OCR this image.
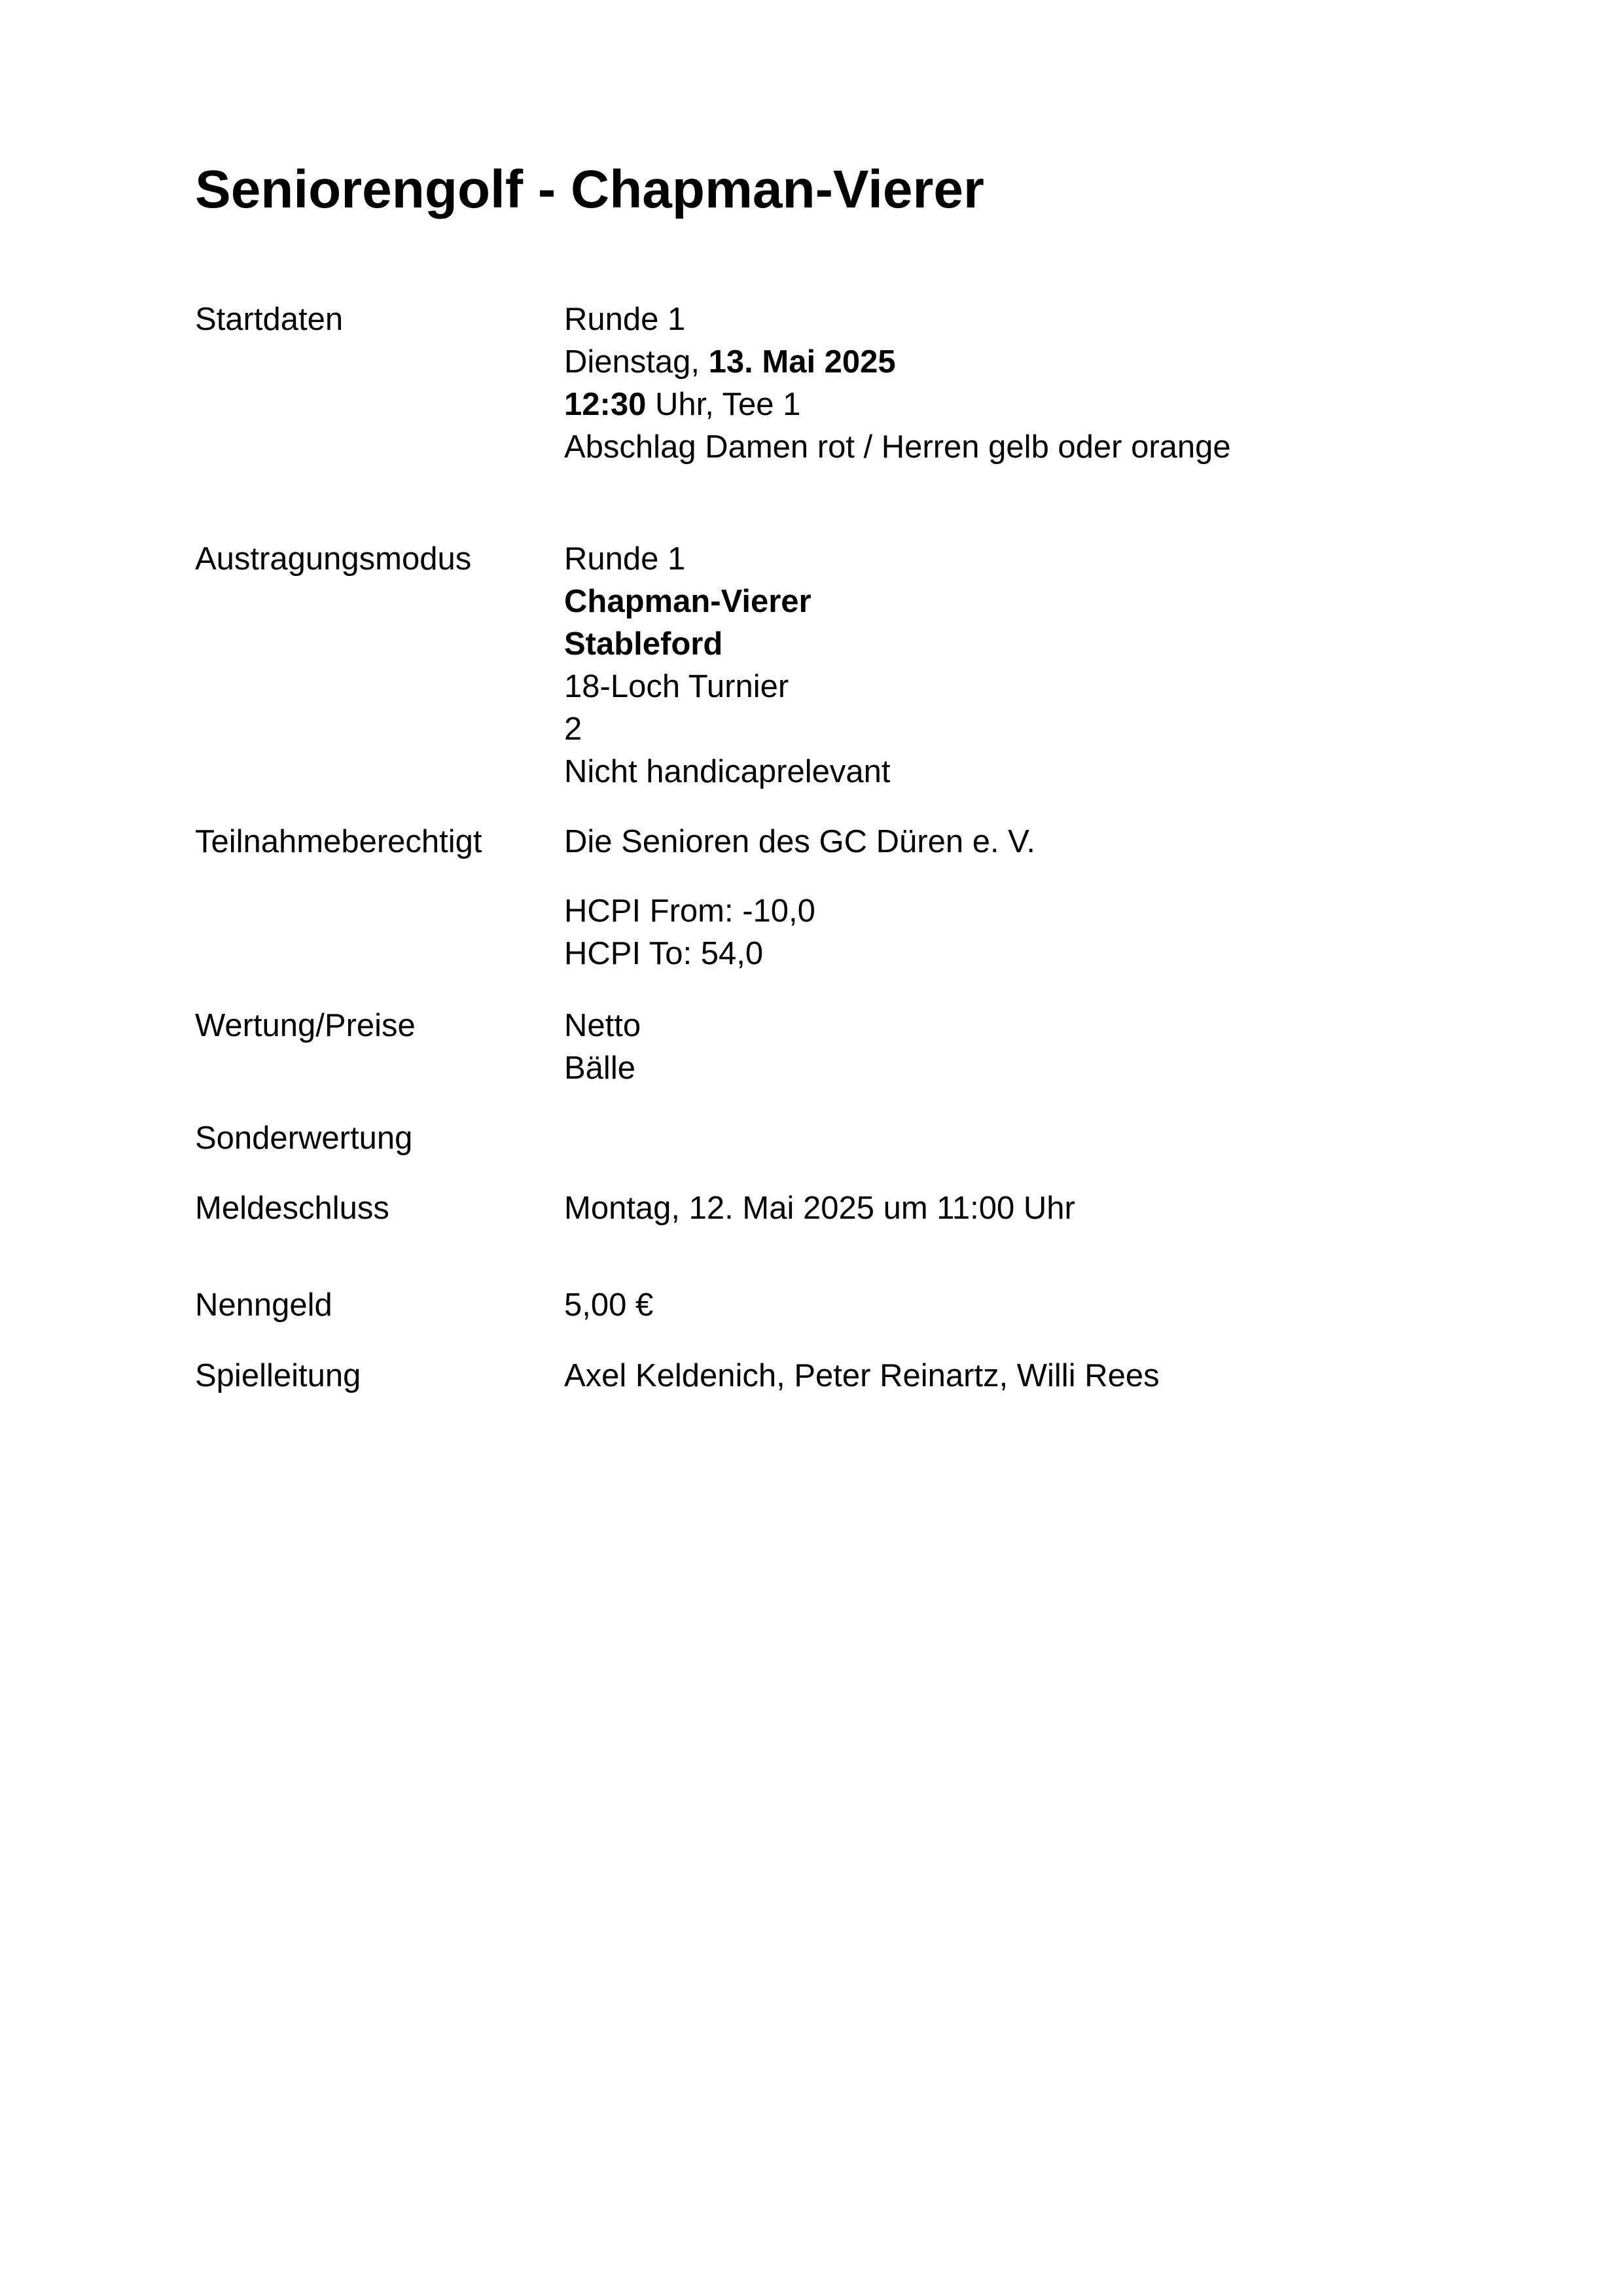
Seniorengolf - Chapman-Vierer
Startdaten	Runde 1
Dienstag, 13. Mai 2025
12:30 Uhr, Tee 1
Abschlag Damen rot / Herren gelb oder orange
Austragungsmodus	Runde 1
Chapman-Vierer
Stableford
18-Loch Turnier
2
Nicht handicaprelevant
Teilnahmeberechtigt	Die Senioren des GC Düren e. V.
HCPI From: -10,0
HCPI To: 54,0
Wertung/Preise	Netto
Bälle
Sonderwertung
Meldeschluss	Montag, 12. Mai 2025 um 11:00 Uhr
Nenngeld	5,00 €
Spielleitung	Axel Keldenich, Peter Reinartz, Willi Rees
